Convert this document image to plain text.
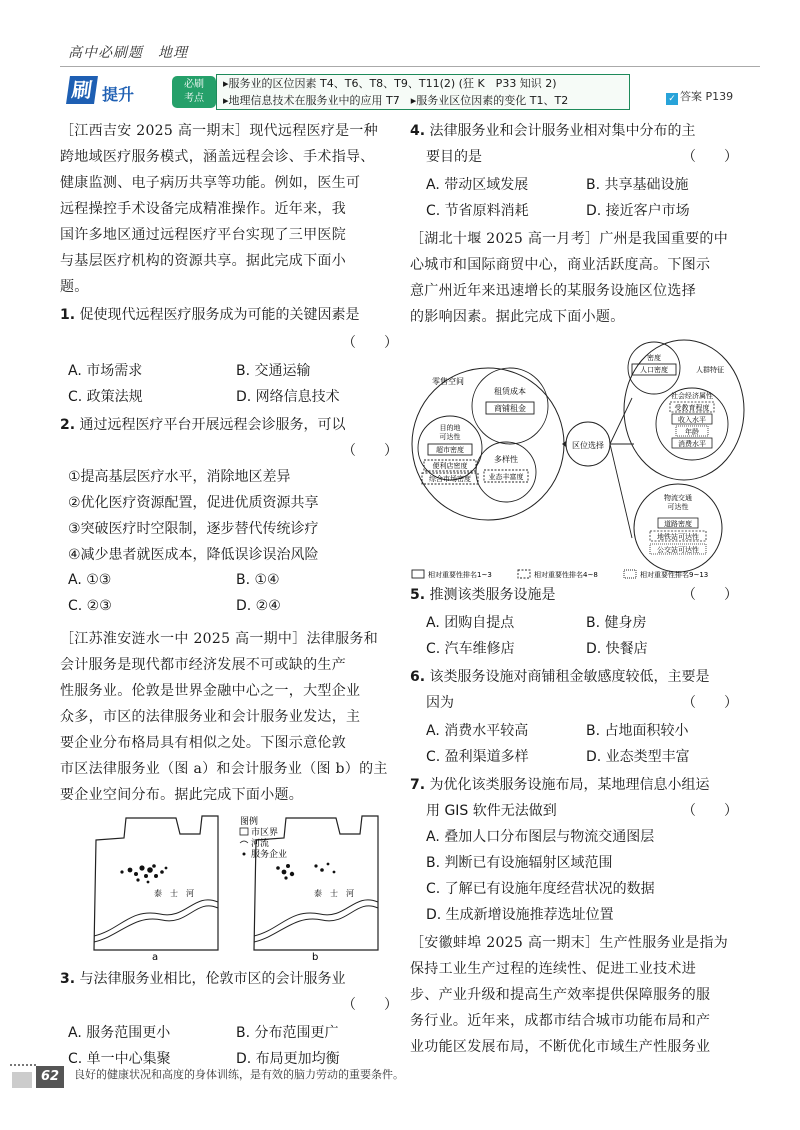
高中必刷题　地理
刷 提升
必刷
考点
▸服务业的区位因素 T4、T6、T8、T9、T11(2) (狂 K　P33 知识 2)
▸地理信息技术在服务业中的应用 T7　 ▸服务业区位因素的变化 T1、T2	✓ 答案 P139
［江西吉安 2025 高一期末］现代远程医疗是一种
跨地域医疗服务模式，涵盖远程会诊、手术指导、
健康监测、电子病历共享等功能。例如，医生可
远程操控手术设备完成精准操作。近年来，我
国许多地区通过远程医疗平台实现了三甲医院
与基层医疗机构的资源共享。据此完成下面小
题。
1. 促使现代远程医疗服务成为可能的关键因素是
（　　）
A. 市场需求	B. 交通运输
C. 政策法规	D. 网络信息技术
2. 通过远程医疗平台开展远程会诊服务，可以
（　　）
①提高基层医疗水平，消除地区差异
②优化医疗资源配置，促进优质资源共享
③突破医疗时空限制，逐步替代传统诊疗
④减少患者就医成本，降低误诊误治风险
A. ①③	B. ①④
C. ②③	D. ②④
［江苏淮安涟水一中 2025 高一期中］法律服务和
会计服务是现代都市经济发展不可或缺的生产
性服务业。伦敦是世界金融中心之一，大型企业
众多，市区的法律服务业和会计服务业发达，主
要企业分布格局具有相似之处。下图示意伦敦
市区法律服务业（图 a）和会计服务业（图 b）的主
要企业空间分布。据此完成下面小题。
泰　士　河
a
泰　士　河
b
图例
市区界
河流
服务企业
3. 与法律服务业相比，伦敦市区的会计服务业
（　　）
A. 服务范围更小	B. 分布范围更广
C. 单一中心集聚	D. 布局更加均衡
4. 法律服务业和会计服务业相对集中分布的主
要目的是	（　　）
A. 带动区域发展	B. 共享基础设施
C. 节省原料消耗	D. 接近客户市场
［湖北十堰 2025 高一月考］广州是我国重要的中
心城市和国际商贸中心，商业活跃度高。下图示
意广州近年来迅速增长的某服务设施区位选择
的影响因素。据此完成下面小题。
零售空间
租赁成本
商铺租金
目的地可达性
超市密度
便利店密度
综合市场密度
多样性
业态丰富度
区位选择
密度
人口密度	人群特征
社会经济属性
受教育程度
收入水平
年龄
消费水平
物流交通可达性
道路密度
地铁站可达性
公交站可达性
相对重要性排名1~3	相对重要性排名4~8	相对重要性排名9~13
5. 推测该类服务设施是	（　　）
A. 团购自提点	B. 健身房
C. 汽车维修店	D. 快餐店
6. 该类服务设施对商铺租金敏感度较低，主要是
因为	（　　）
A. 消费水平较高	B. 占地面积较小
C. 盈利渠道多样	D. 业态类型丰富
7. 为优化该类服务设施布局，某地理信息小组运
用 GIS 软件无法做到	（　　）
A. 叠加人口分布图层与物流交通图层
B. 判断已有设施辐射区域范围
C. 了解已有设施年度经营状况的数据
D. 生成新增设施推荐选址位置
［安徽蚌埠 2025 高一期末］生产性服务业是指为
保持工业生产过程的连续性、促进工业技术进
步、产业升级和提高生产效率提供保障服务的服
务行业。近年来，成都市结合城市功能布局和产
业功能区发展布局，不断优化市域生产性服务业
62	良好的健康状况和高度的身体训练，是有效的脑力劳动的重要条件。
